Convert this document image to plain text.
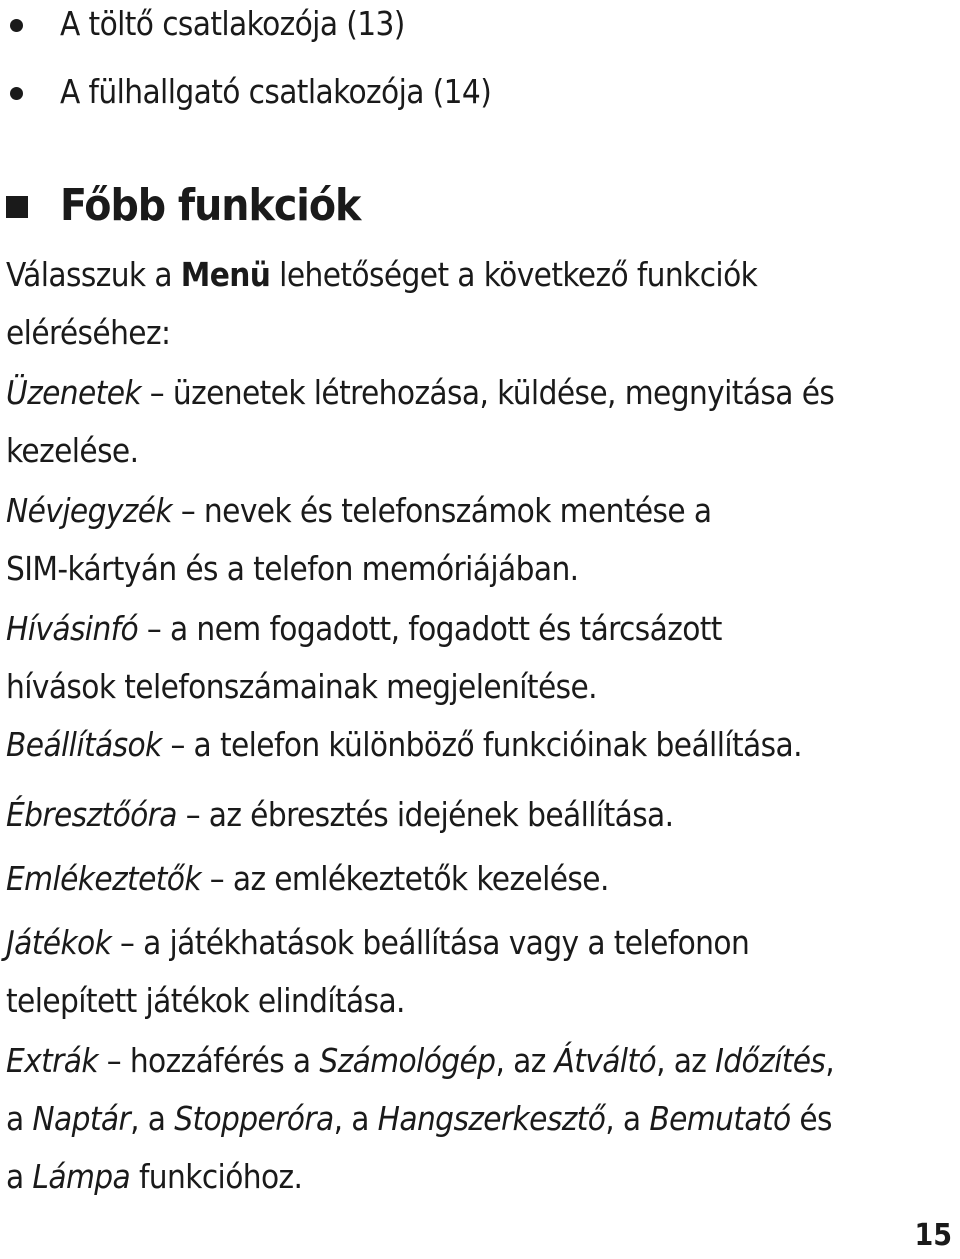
A töltő csatlakozója (13)
A fülhallgató csatlakozója (14)
Főbb funkciók
Válasszuk a Menü lehetőséget a következő funkciók
eléréséhez:
Üzenetek – üzenetek létrehozása, küldése, megnyitása és
kezelése.
Névjegyzék – nevek és telefonszámok mentése a
SIM-kártyán és a telefon memóriájában.
Hívásinfó – a nem fogadott, fogadott és tárcsázott
hívások telefonszámainak megjelenítése.
Beállítások – a telefon különböző funkcióinak beállítása.
Ébresztőóra – az ébresztés idejének beállítása.
Emlékeztetők – az emlékeztetők kezelése.
Játékok – a játékhatások beállítása vagy a telefonon
telepített játékok elindítása.
Extrák – hozzáférés a Számológép, az Átváltó, az Időzítés,
a Naptár, a Stopperóra, a Hangszerkesztő, a Bemutató és
a Lámpa funkcióhoz.
15
